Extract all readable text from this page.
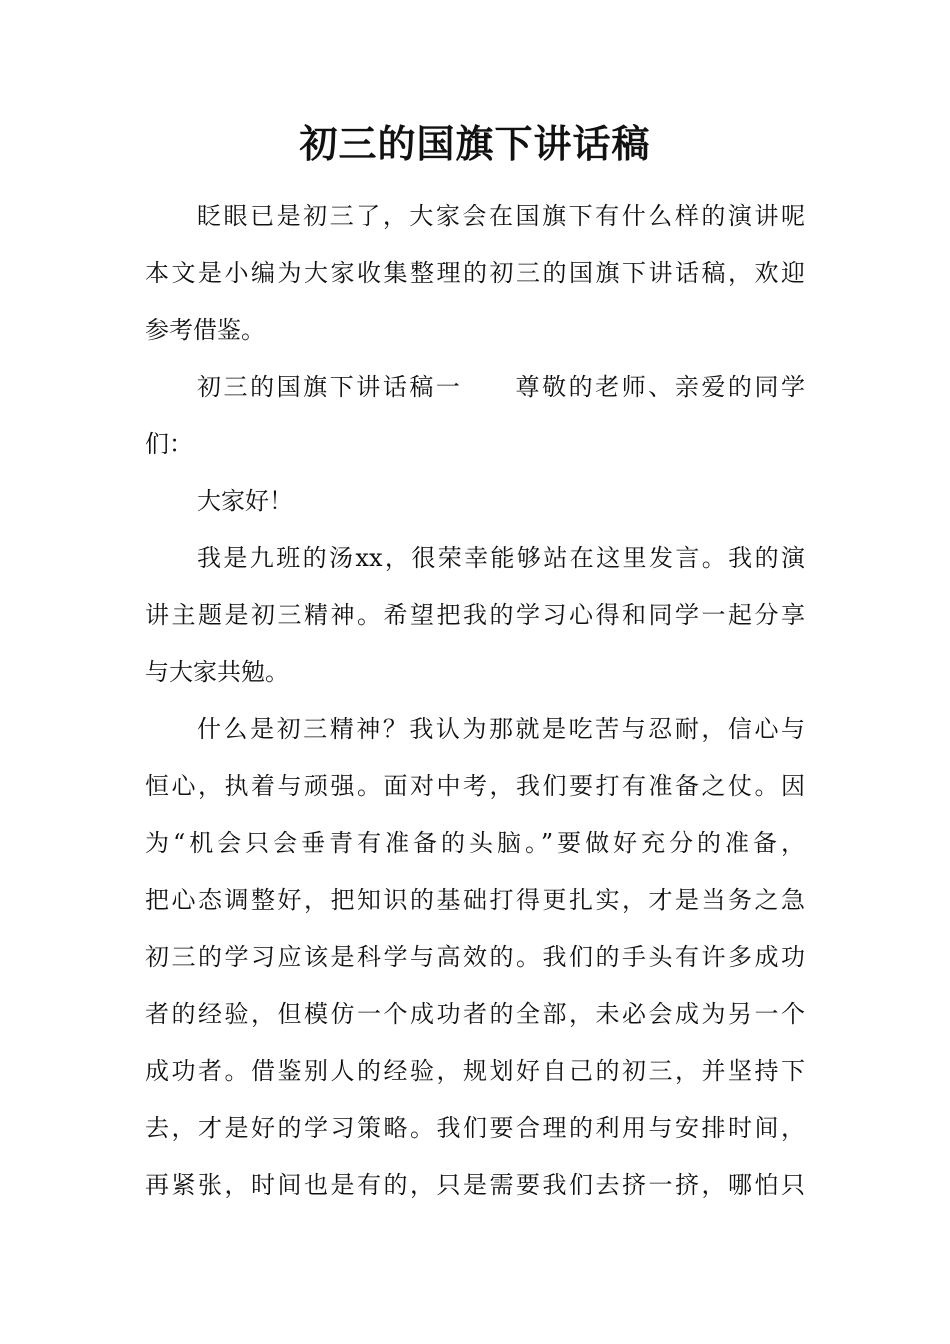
初三的国旗下讲话稿
眨眼已是初三了，大家会在国旗下有什么样的演讲呢
本文是小编为大家收集整理的初三的国旗下讲话稿，欢迎
参考借鉴。
初三的国旗下讲话稿一　　尊敬的老师、亲爱的同学
们：
大家好！
我是九班的汤xx，很荣幸能够站在这里发言。我的演
讲主题是初三精神。希望把我的学习心得和同学一起分享
与大家共勉。
什么是初三精神？我认为那就是吃苦与忍耐，信心与
恒心，执着与顽强。面对中考，我们要打有准备之仗。因
为“机会只会垂青有准备的头脑。”要做好充分的准备，
把心态调整好，把知识的基础打得更扎实，才是当务之急
初三的学习应该是科学与高效的。我们的手头有许多成功
者的经验，但模仿一个成功者的全部，未必会成为另一个
成功者。借鉴别人的经验，规划好自己的初三，并坚持下
去，才是好的学习策略。我们要合理的利用与安排时间，
再紧张，时间也是有的，只是需要我们去挤一挤，哪怕只
